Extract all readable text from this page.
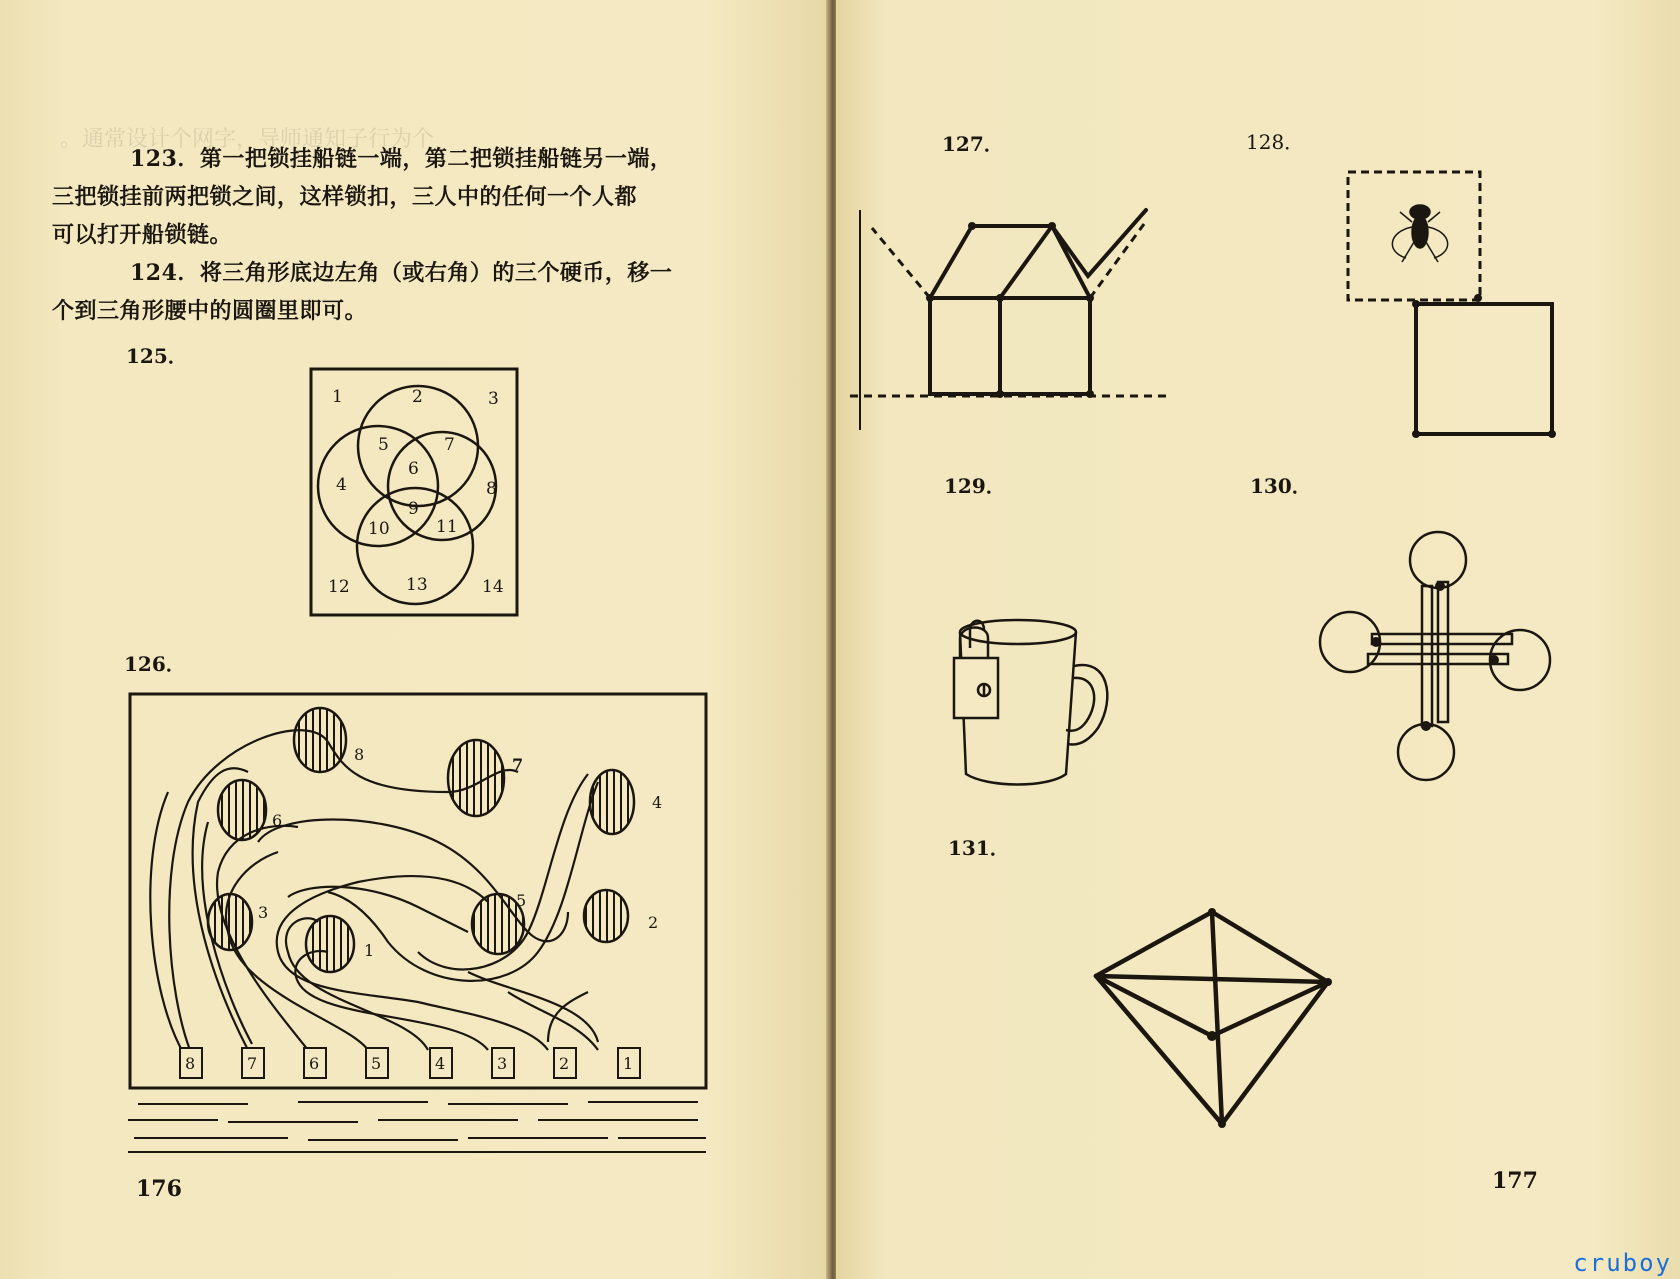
。通常设计个网字，导师通知子行为个
123．第一把锁挂船链一端，第二把锁挂船链另一端，
三把锁挂前两把锁之间，这样锁扣，三人中的任何一个人都
可以打开船锁链。
124．将三角形底边左角（或右角）的三个硬币，移一
个到三角形腰中的圆圈里即可。
125．
1	2	3
4
5
6
7
8
9
10	11
12	13	14
126．
8
7
6
4
5
3
2
1
8	7	6	5	4	3	2	1
176
127．	128．
129．	130．
131．
177
cruboy
